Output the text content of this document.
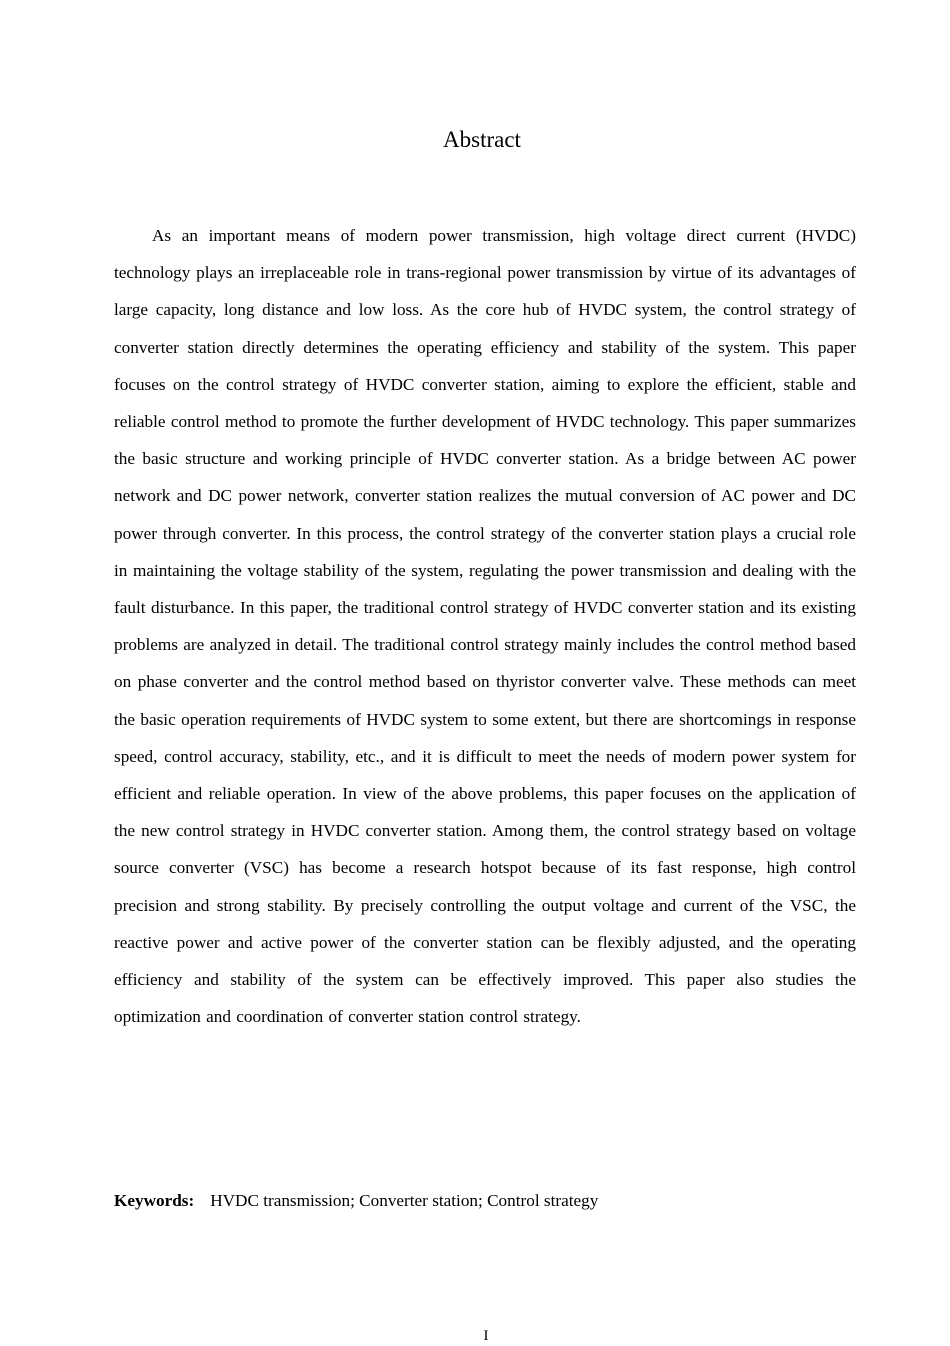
Abstract

As an important means of modern power transmission, high voltage direct current (HVDC) technology plays an irreplaceable role in trans-regional power transmission by virtue of its advantages of large capacity, long distance and low loss. As the core hub of HVDC system, the control strategy of converter station directly determines the operating efficiency and stability of the system. This paper focuses on the control strategy of HVDC converter station, aiming to explore the efficient, stable and reliable control method to promote the further development of HVDC technology. This paper summarizes the basic structure and working principle of HVDC converter station. As a bridge between AC power network and DC power network, converter station realizes the mutual conversion of AC power and DC power through converter. In this process, the control strategy of the converter station plays a crucial role in maintaining the voltage stability of the system, regulating the power transmission and dealing with the fault disturbance. In this paper, the traditional control strategy of HVDC converter station and its existing problems are analyzed in detail. The traditional control strategy mainly includes the control method based on phase converter and the control method based on thyristor converter valve. These methods can meet the basic operation requirements of HVDC system to some extent, but there are shortcomings in response speed, control accuracy, stability, etc., and it is difficult to meet the needs of modern power system for efficient and reliable operation. In view of the above problems, this paper focuses on the application of the new control strategy in HVDC converter station. Among them, the control strategy based on voltage source converter (VSC) has become a research hotspot because of its fast response, high control precision and strong stability. By precisely controlling the output voltage and current of the VSC, the reactive power and active power of the converter station can be flexibly adjusted, and the operating efficiency and stability of the system can be effectively improved. This paper also studies the optimization and coordination of converter station control strategy.

Keywords: HVDC transmission; Converter station; Control strategy

I
